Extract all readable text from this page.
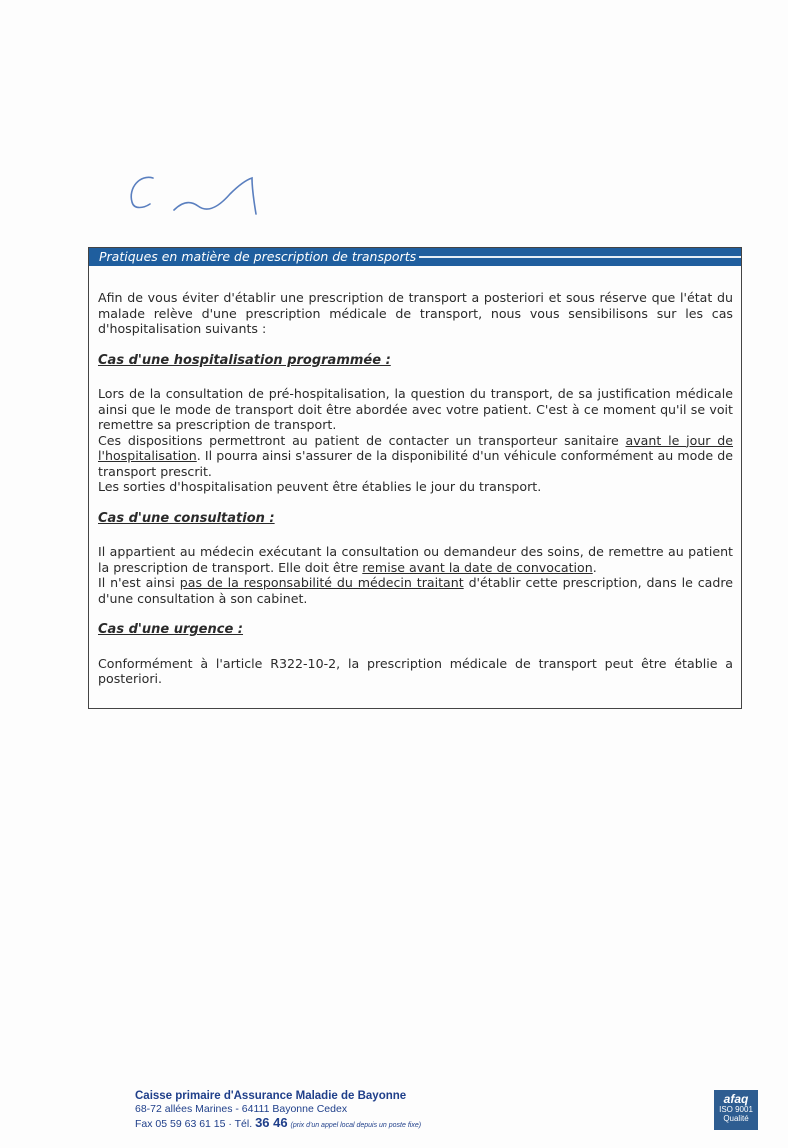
Pratiques en matière de prescription de transports

Afin de vous éviter d'établir une prescription de transport a posteriori et sous réserve que l'état du malade relève d'une prescription médicale de transport, nous vous sensibilisons sur les cas d'hospitalisation suivants :

Cas d'une hospitalisation programmée :

Lors de la consultation de pré-hospitalisation, la question du transport, de sa justification médicale ainsi que le mode de transport doit être abordée avec votre patient. C'est à ce moment qu'il se voit remettre sa prescription de transport.

Ces dispositions permettront au patient de contacter un transporteur sanitaire avant le jour de l'hospitalisation. Il pourra ainsi s'assurer de la disponibilité d'un véhicule conformément au mode de transport prescrit.

Les sorties d'hospitalisation peuvent être établies le jour du transport.

Cas d'une consultation :

Il appartient au médecin exécutant la consultation ou demandeur des soins, de remettre au patient la prescription de transport. Elle doit être remise avant la date de convocation.

Il n'est ainsi pas de la responsabilité du médecin traitant d'établir cette prescription, dans le cadre d'une consultation à son cabinet.

Cas d'une urgence :

Conformément à l'article R322-10-2, la prescription médicale de transport peut être établie a posteriori.

Caisse primaire d'Assurance Maladie de Bayonne
68-72 allées Marines - 64111 Bayonne Cedex
Fax 05 59 63 61 15 · Tél. 36 46 (prix d'un appel local depuis un poste fixe)
afaq
ISO 9001
Qualité
